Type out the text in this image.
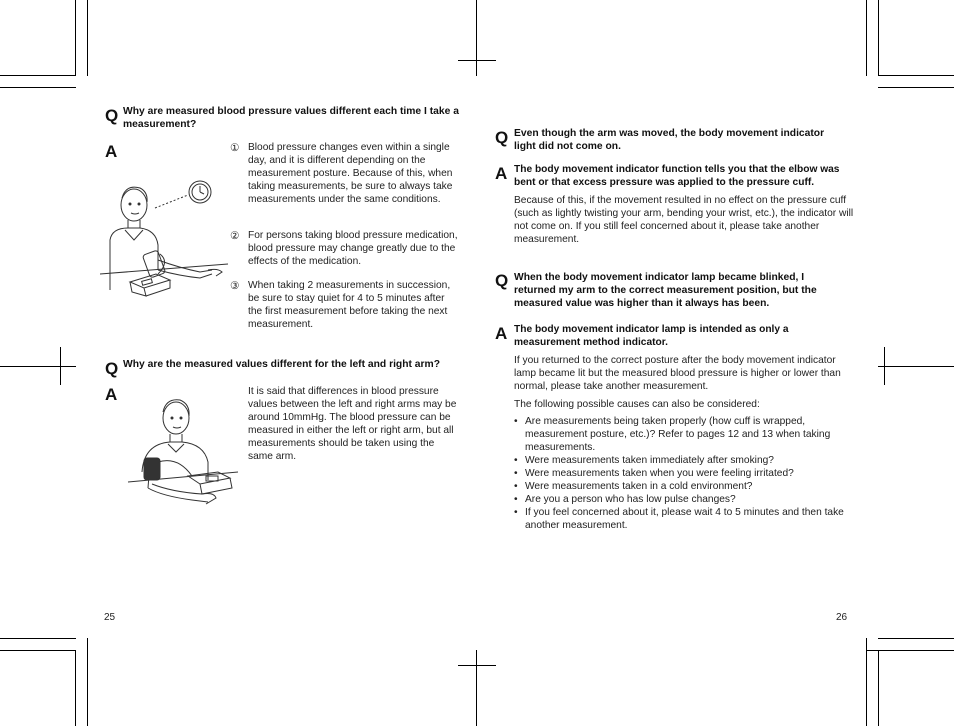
Q Why are measured blood pressure values different each time I take a measurement?
A	① Blood pressure changes even within a single day, and it is different depending on the measurement posture. Because of this, when taking measurements, be sure to always take measurements under the same conditions.
② For persons taking blood pressure medication, blood pressure may change greatly due to the effects of the medication.
③ When taking 2 measurements in succession, be sure to stay quiet for 4 to 5 minutes after the first measurement before taking the next measurement.
Q Why are the measured values different for the left and right arm?
A	It is said that differences in blood pressure values between the left and right arms may be around 10mmHg. The blood pressure can be measured in either the left or right arm, but all measurements should be taken using the same arm.
25
Q Even though the arm was moved, the body movement indicator light did not come on.
A The body movement indicator function tells you that the elbow was bent or that excess pressure was applied to the pressure cuff.

Because of this, if the movement resulted in no effect on the pressure cuff (such as lightly twisting your arm, bending your wrist, etc.), the indicator will not come on. If you still feel concerned about it, please take another measurement.

Q When the body movement indicator lamp became blinked, I returned my arm to the correct measurement position, but the measured value was higher than it always has been.
A The body movement indicator lamp is intended as only a measurement method indicator.

If you returned to the correct posture after the body movement indicator lamp became lit but the measured blood pressure is higher or lower than normal, please take another measurement.

The following possible causes can also be considered:

• Are measurements being taken properly (how cuff is wrapped, measurement posture, etc.)? Refer to pages 12 and 13 when taking measurements.
• Were measurements taken immediately after smoking?
• Were measurements taken when you were feeling irritated?
• Were measurements taken in a cold environment?
• Are you a person who has low pulse changes?
• If you feel concerned about it, please wait 4 to 5 minutes and then take another measurement.
26
